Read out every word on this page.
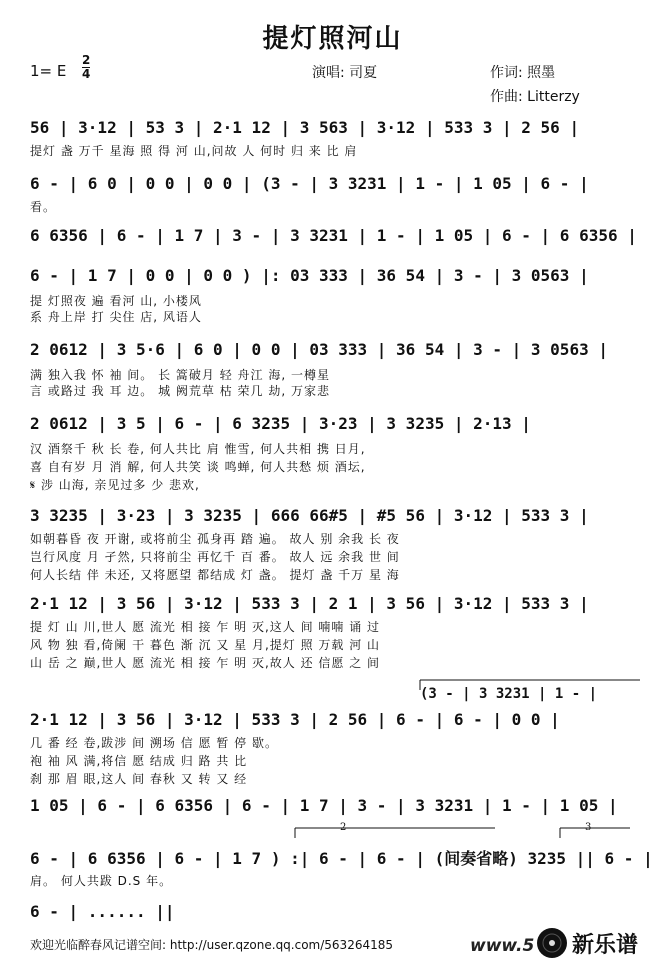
提灯照河山
演唱: 司夏	作词: 照墨
作曲: Litterzy
1= E
2
4
56 | 3·12 | 53 3 | 2·1 12 | 3 563 | 3·12 | 533 3 | 2 56 |
提灯 盏 万千 星海 照 得 河 山,问故 人 何时 归 来 比 肩
6 - | 6 0 | 0 0 | 0 0 | (3 - | 3 3231 | 1 - | 1 05 | 6 - |
看。
6 6356 | 6 - | 1 7 | 3 - | 3 3231 | 1 - | 1 05 | 6 - | 6 6356 |
6 - | 1 7 | 0 0 | 0 0 ) |: 03 333 | 36 54 | 3 - | 3 0563 |
提 灯照夜 遍 看河 山, 小楼风
系 舟上岸 打 尖住 店, 风语人
2 0612 | 3 5·6 | 6 0 | 0 0 | 03 333 | 36 54 | 3 - | 3 0563 |
满 独入我 怀 袖 间。 长 篙破月 轻 舟江 海, 一樽星
言 或路过 我 耳 边。 城 阙荒草 枯 荣几 劫, 万家悲
2 0612 | 3 5 | 6 - | 6 3235 | 3·23 | 3 3235 | 2·13 |
汉 酒祭千 秋 长 卷, 何人共比 肩 惟雪, 何人共相 携 日月,
喜 自有岁 月 消 解, 何人共笑 谈 鸣蝉, 何人共愁 烦 酒坛,
𝄋 涉 山海, 亲见过多 少 悲欢,
3 3235 | 3·23 | 3 3235 | 666 66#5 | #5 56 | 3·12 | 533 3 |
如朝暮昏 夜 开谢, 或将前尘 孤身再 踏 遍。 故人 别 余我 长 夜
岂行风度 月 孑然, 只将前尘 再忆千 百 番。 故人 远 余我 世 间
何人长结 伴 未还, 又将愿望 都结成 灯 盏。 提灯 盏 千万 星 海
2·1 12 | 3 56 | 3·12 | 533 3 | 2 1 | 3 56 | 3·12 | 533 3 |
提 灯 山 川,世人 愿 流光 相 接 乍 明 灭,这人 间 喃喃 诵 过
风 物 独 看,倚阑 干 暮色 渐 沉 又 星 月,提灯 照 万载 河 山
山 岳 之 巅,世人 愿 流光 相 接 乍 明 灭,故人 还 信愿 之 间
(3 - | 3 3231 | 1 - |
2·1 12 | 3 56 | 3·12 | 533 3 | 2 56 | 6 - | 6 - | 0 0 |
几 番 经 卷,跋涉 间 溯场 信 愿 暂 停 歇。
袍 袖 风 满,将信 愿 结成 归 路 共 比
刹 那 眉 眼,这人 间 春秋 又 转 又 经
1 05 | 6 - | 6 6356 | 6 - | 1 7 | 3 - | 3 3231 | 1 - | 1 05 |
2	3
6 - | 6 6356 | 6 - | 1 7 ) :| 6 - | 6 - | (间奏省略) 3235 || 6 - |
肩。 何人共跋 D.S 年。
6 - | ...... ||
欢迎光临醉春风记谱空间: http://user.qzone.qq.com/563264185	www.5 新乐谱
